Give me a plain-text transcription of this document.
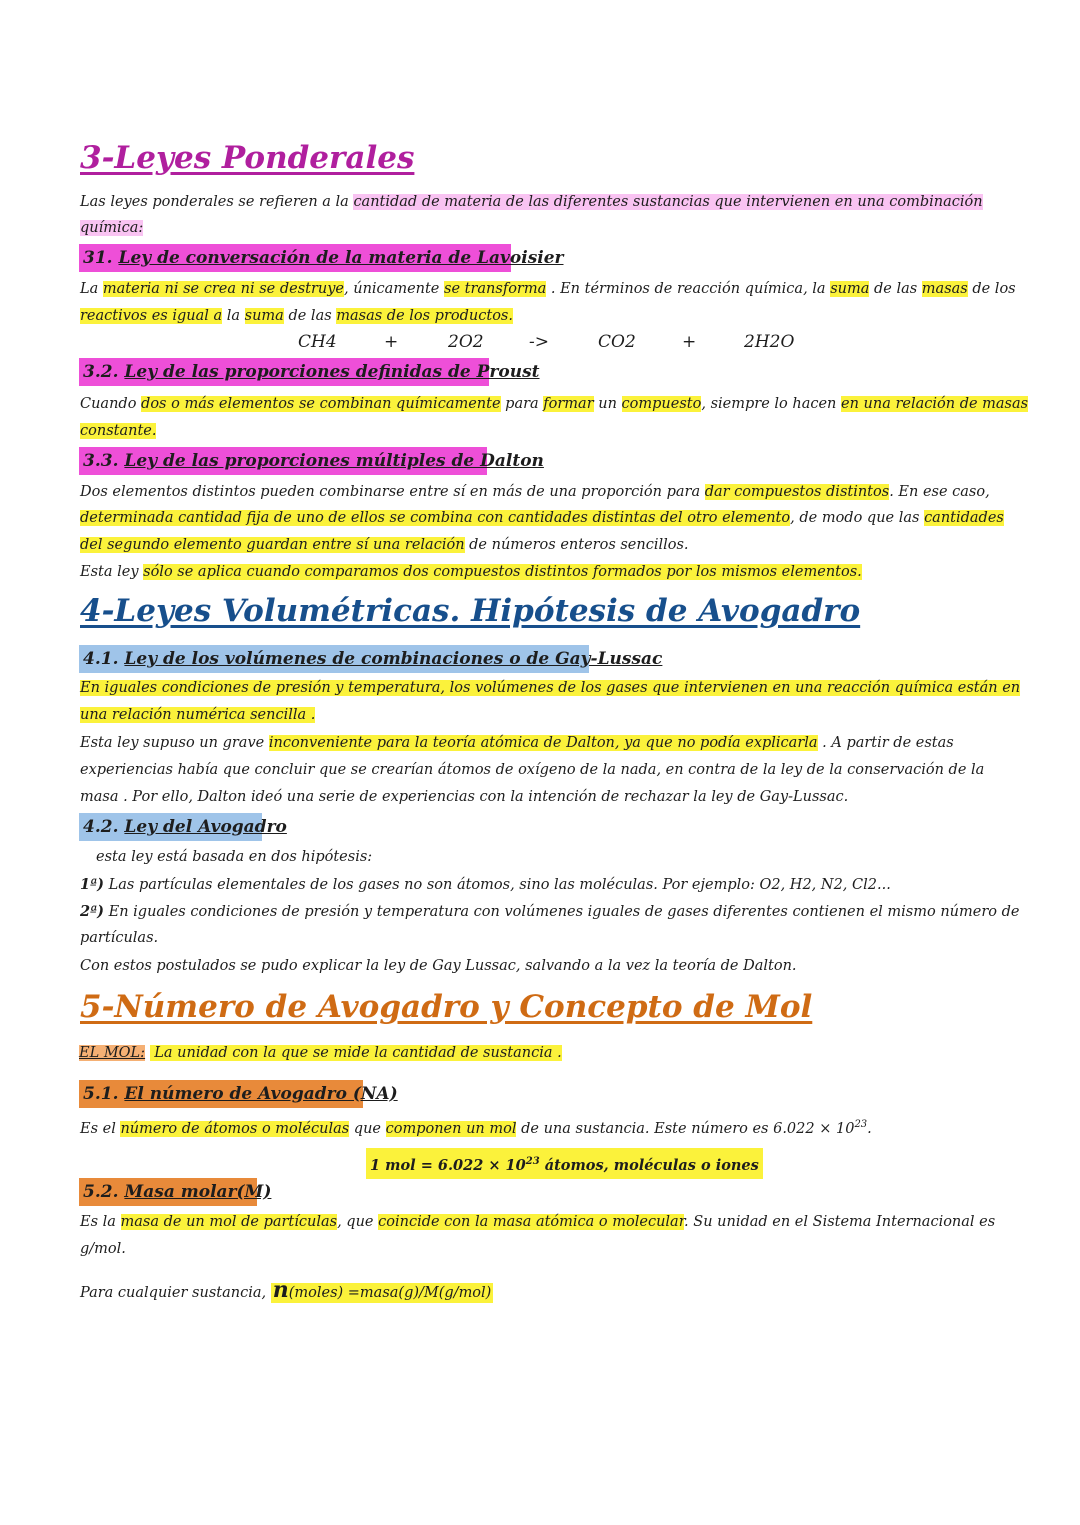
3-Leyes Ponderales
Las leyes ponderales se refieren a la cantidad de materia de las diferentes sustancias que intervienen en una combinación
química:
31. Ley de conversación de la materia de Lavoisier
La materia ni se crea ni se destruye, únicamente se transforma . En términos de reacción química, la suma de las masas de los
reactivos es igual a la suma de las masas de los productos.
CH4	+	2O2	->	CO2	+	2H2O
3.2. Ley de las proporciones definidas de Proust
Cuando dos o más elementos se combinan químicamente para formar un compuesto, siempre lo hacen en una relación de masas
constante.
3.3. Ley de las proporciones múltiples de Dalton
Dos elementos distintos pueden combinarse entre sí en más de una proporción para dar compuestos distintos. En ese caso,
determinada cantidad fija de uno de ellos se combina con cantidades distintas del otro elemento, de modo que las cantidades
del segundo elemento guardan entre sí una relación de números enteros sencillos.
Esta ley sólo se aplica cuando comparamos dos compuestos distintos formados por los mismos elementos.
4-Leyes Volumétricas. Hipótesis de Avogadro
4.1. Ley de los volúmenes de combinaciones o de Gay-Lussac
En iguales condiciones de presión y temperatura, los volúmenes de los gases que intervienen en una reacción química están en
una relación numérica sencilla .
Esta ley supuso un grave inconveniente para la teoría atómica de Dalton, ya que no podía explicarla . A partir de estas
experiencias había que concluir que se crearían átomos de oxígeno de la nada, en contra de la ley de la conservación de la
masa . Por ello, Dalton ideó una serie de experiencias con la intención de rechazar la ley de Gay-Lussac.
4.2. Ley del Avogadro
esta ley está basada en dos hipótesis:
1ª) Las partículas elementales de los gases no son átomos, sino las moléculas. Por ejemplo: O2, H2, N2, Cl2...
2ª) En iguales condiciones de presión y temperatura con volúmenes iguales de gases diferentes contienen el mismo número de
partículas.
Con estos postulados se pudo explicar la ley de Gay Lussac, salvando a la vez la teoría de Dalton.
5-Número de Avogadro y Concepto de Mol
EL MOL:  La unidad con la que se mide la cantidad de sustancia .
5.1. El número de Avogadro (NA)
Es el número de átomos o moléculas que componen un mol de una sustancia. Este número es $6.022 \times 10^{23}$.
1 mol = $6.022 \times 10^{23}$ átomos, moléculas o iones
5.2. Masa molar(M)
Es la masa de un mol de partículas, que coincide con la masa atómica o molecular. Su unidad en el Sistema Internacional es
g/mol.
Para cualquier sustancia, n(moles) =masa(g)/M(g/mol)
